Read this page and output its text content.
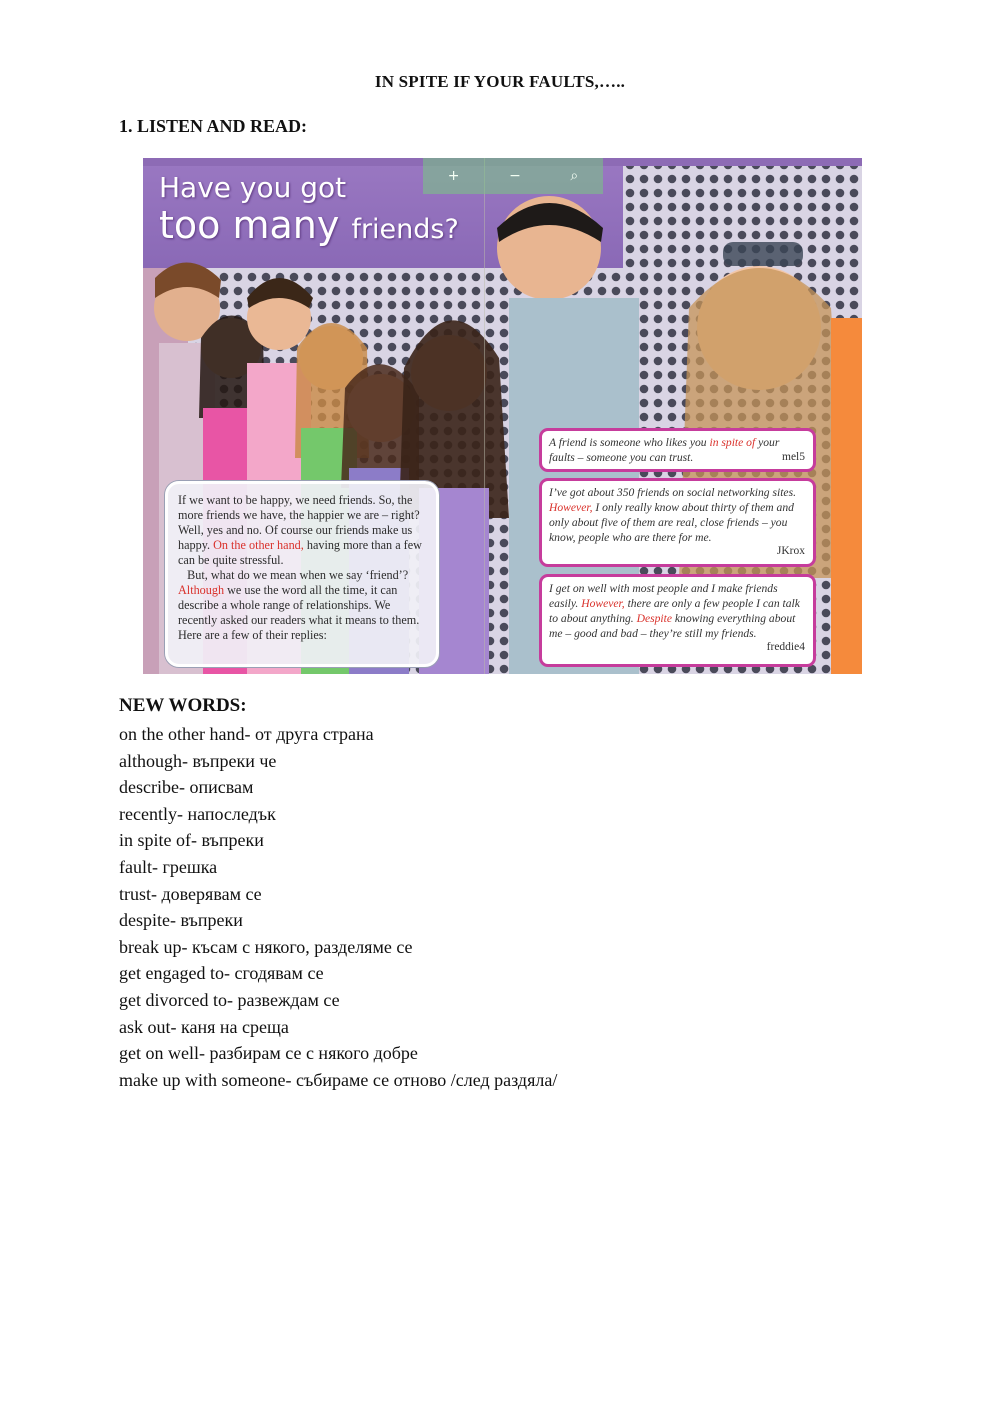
IN SPITE IF YOUR FAULTS,…..
1. LISTEN AND READ:
+	−	⌕
Have you got
too many friends?
If we want to be happy, we need friends. So, the more friends we have, the happier we are – right? Well, yes and no. Of course our friends make us happy. On the other hand, having more than a few can be quite stressful.
But, what do we mean when we say ‘friend’? Although we use the word all the time, it can describe a whole range of relationships. We recently asked our readers what it means to them. Here are a few of their replies:
A friend is someone who likes you in spite of your faults – someone you can trust.	mel5
I’ve got about 350 friends on social networking sites. However, I only really know about thirty of them and only about five of them are real, close friends – you know, people who are there for me.
JKrox
I get on well with most people and I make friends easily. However, there are only a few people I can talk to about anything. Despite knowing everything about me – good and bad – they’re still my friends.
freddie4
NEW WORDS:
on the other hand- от друга страна
although- въпреки че
describe- описвам
recently- напоследък
in spite of- въпреки
fault- грешка
trust- доверявам се
despite- въпреки
break up- късам с някого, разделяме се
get engaged to- сгодявам се
get divorced to- развеждам се
ask out- каня на среща
get on well- разбирам се с някого добре
make up with someone- събираме се отново /след раздяла/
